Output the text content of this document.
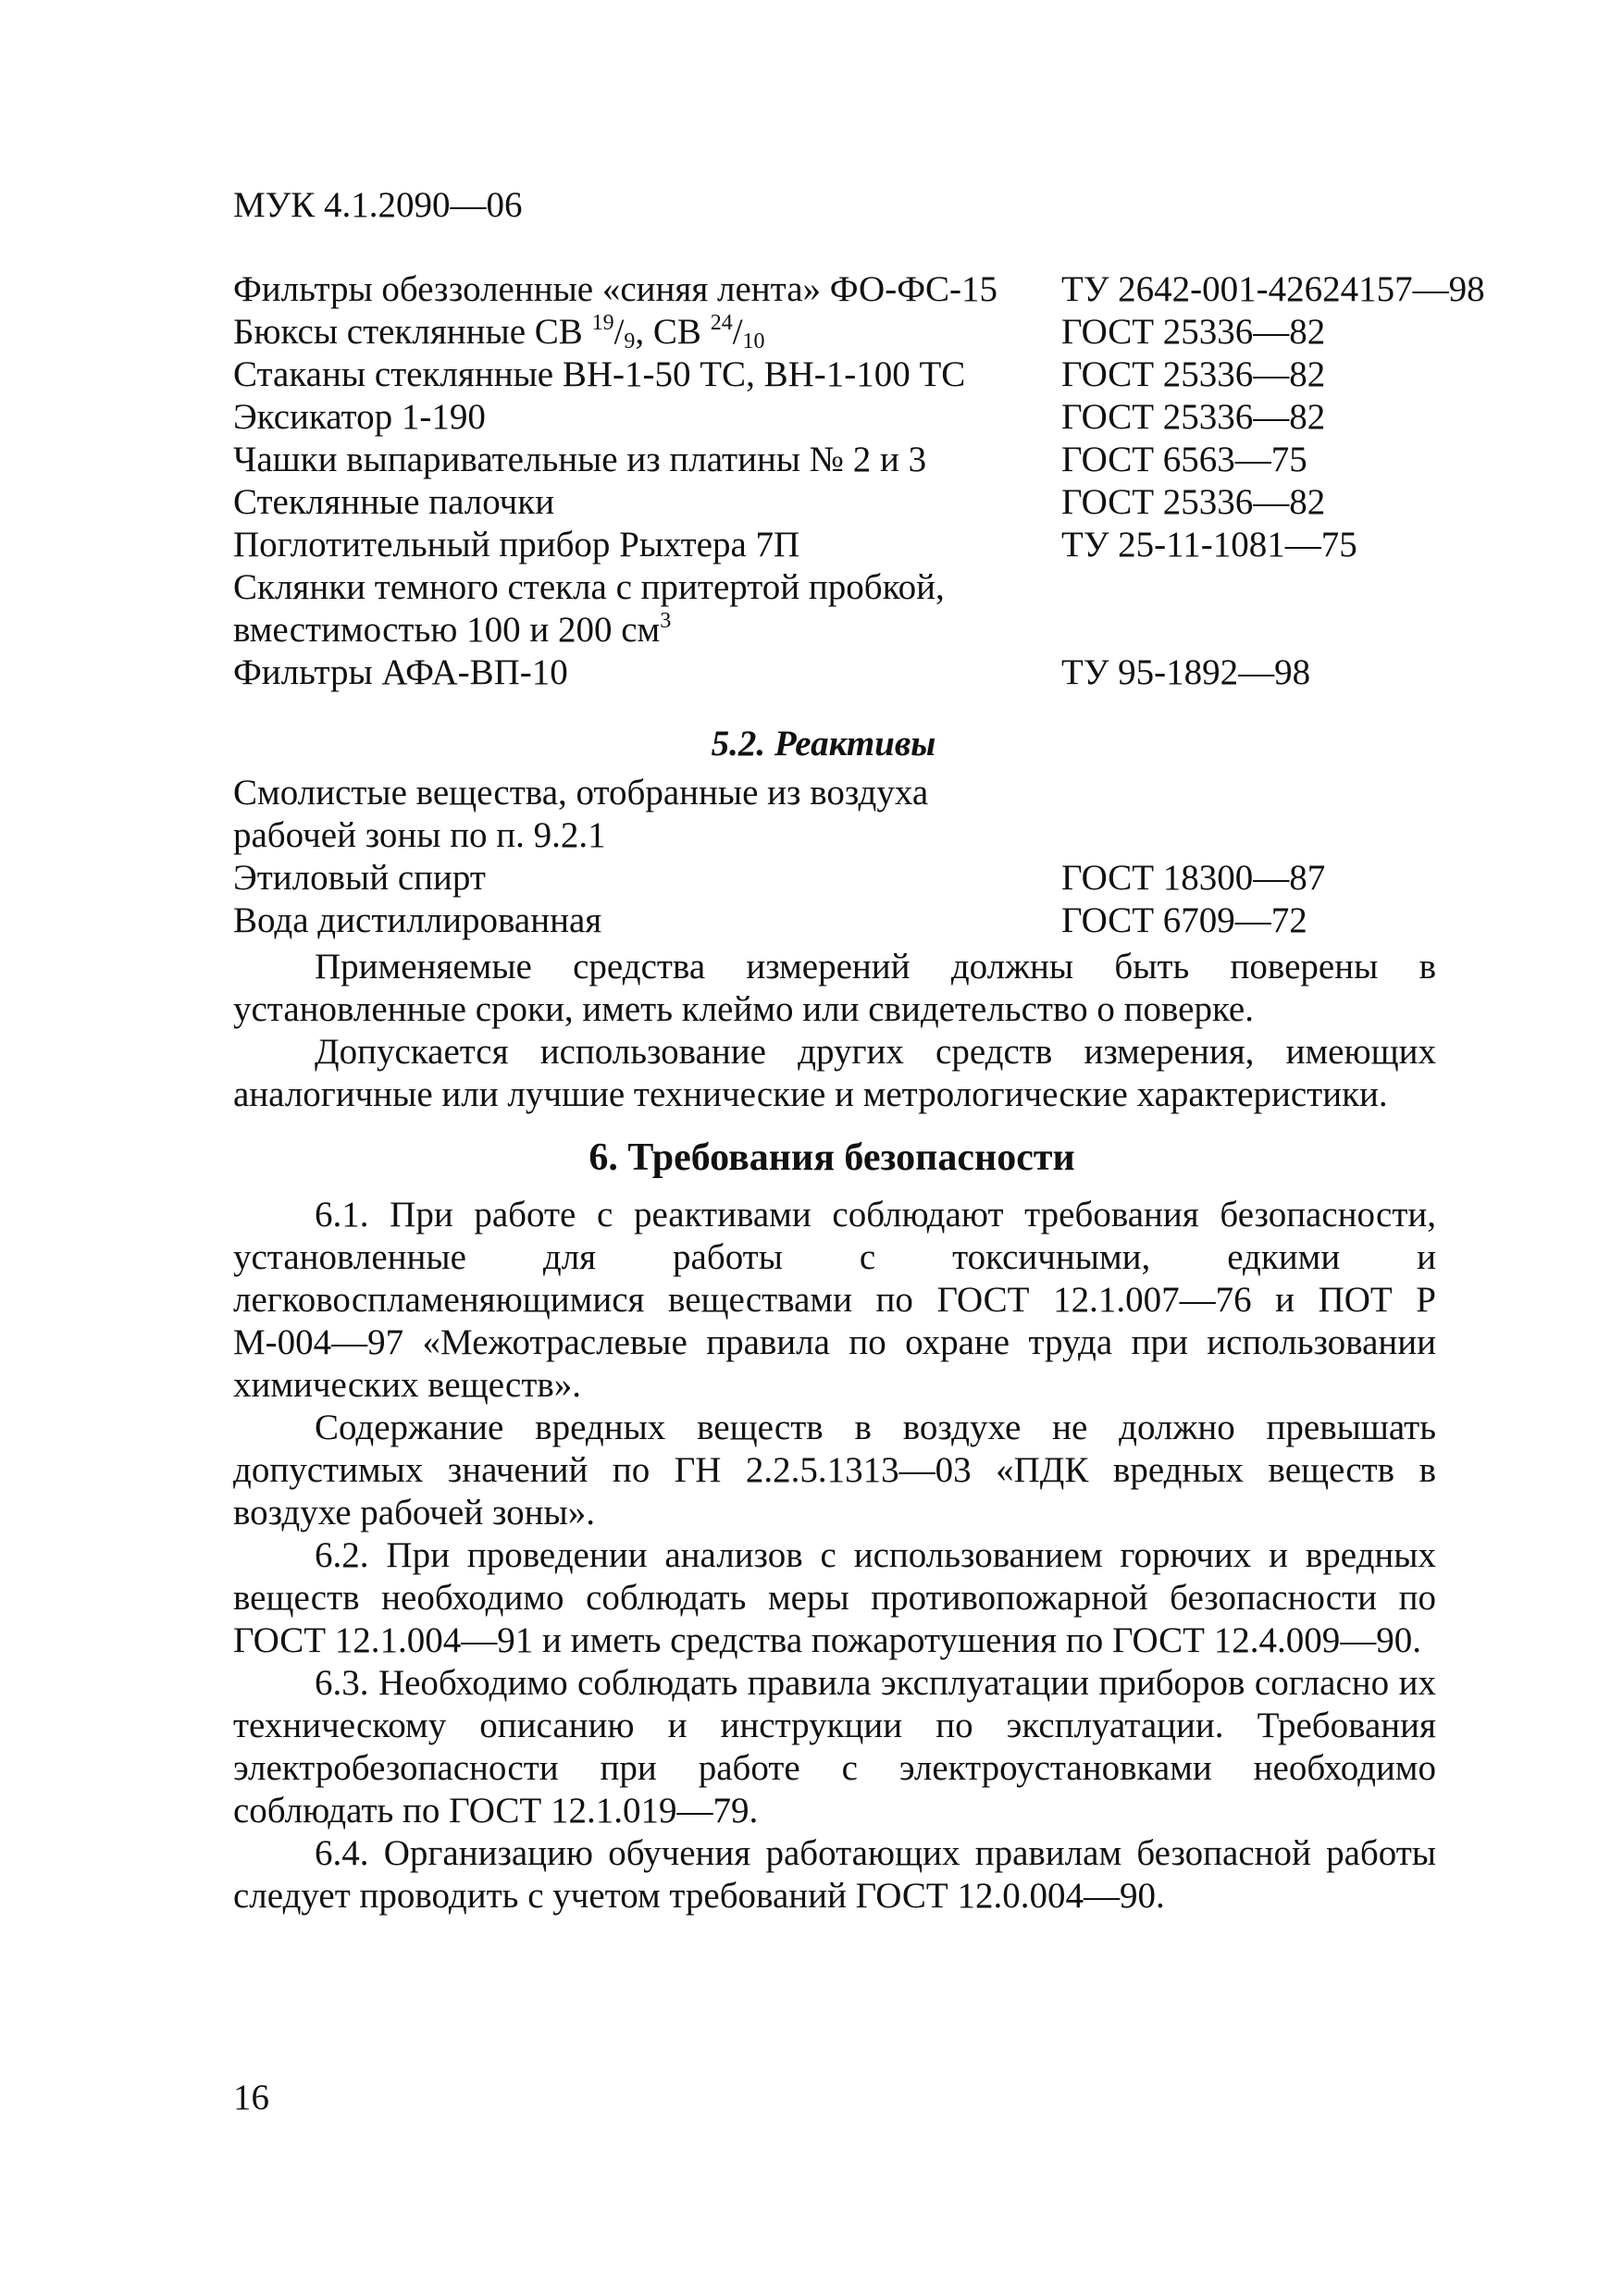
МУК 4.1.2090—06
Фильтры обеззоленные «синяя лента» ФО-ФС-15	ТУ 2642-001-42624157—98
Бюксы стеклянные СВ $^{19}/_9$, СВ $^{24}/_{10}$	ГОСТ 25336—82
Стаканы стеклянные ВН-1-50 ТС, ВН-1-100 ТС	ГОСТ 25336—82
Эксикатор 1-190	ГОСТ 25336—82
Чашки выпаривательные из платины № 2 и 3	ГОСТ 6563—75
Стеклянные палочки	ГОСТ 25336—82
Поглотительный прибор Рыхтера 7П	ТУ 25-11-1081—75
Склянки темного стекла с притертой пробкой,
вместимостью 100 и 200 $см^3$
Фильтры АФА-ВП-10	ТУ 95-1892—98
5.2. Реактивы
Смолистые вещества, отобранные из воздуха
рабочей зоны по п. 9.2.1
Этиловый спирт	ГОСТ 18300—87
Вода дистиллированная	ГОСТ 6709—72

Применяемые средства измерений должны быть поверены в установленные сроки, иметь клеймо или свидетельство о поверке.

Допускается использование других средств измерения, имеющих аналогичные или лучшие технические и метрологические характеристики.

6. Требования безопасности

6.1. При работе с реактивами соблюдают требования безопасности, установленные для работы с токсичными, едкими и легковоспламеняющимися веществами по ГОСТ 12.1.007—76 и ПОТ Р М-004—97 «Межотраслевые правила по охране труда при использовании химических веществ».

Содержание вредных веществ в воздухе не должно превышать допустимых значений по ГН 2.2.5.1313—03 «ПДК вредных веществ в воздухе рабочей зоны».

6.2. При проведении анализов с использованием горючих и вредных веществ необходимо соблюдать меры противопожарной безопасности по ГОСТ 12.1.004—91 и иметь средства пожаротушения по ГОСТ 12.4.009—90.

6.3. Необходимо соблюдать правила эксплуатации приборов согласно их техническому описанию и инструкции по эксплуатации. Требования электробезопасности при работе с электроустановками необходимо соблюдать по ГОСТ 12.1.019—79.

6.4. Организацию обучения работающих правилам безопасной работы следует проводить с учетом требований ГОСТ 12.0.004—90.

16
